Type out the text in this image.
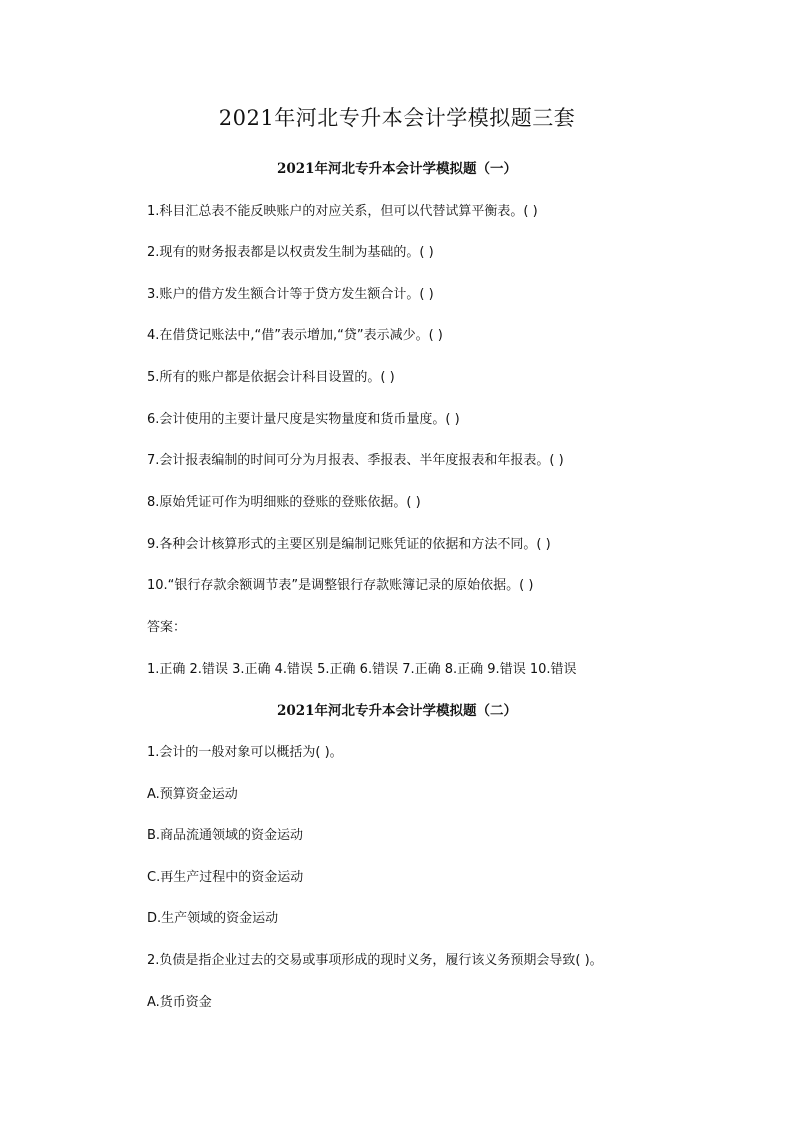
2021年河北专升本会计学模拟题三套
2021年河北专升本会计学模拟题（一）

1.科目汇总表不能反映账户的对应关系，但可以代替试算平衡表。( )

2.现有的财务报表都是以权责发生制为基础的。( )

3.账户的借方发生额合计等于贷方发生额合计。( )

4.在借贷记账法中,“借”表示增加,“贷”表示减少。( )

5.所有的账户都是依据会计科目设置的。( )

6.会计使用的主要计量尺度是实物量度和货币量度。( )

7.会计报表编制的时间可分为月报表、季报表、半年度报表和年报表。( )

8.原始凭证可作为明细账的登账的登账依据。( )

9.各种会计核算形式的主要区别是编制记账凭证的依据和方法不同。( )

10.“银行存款余额调节表”是调整银行存款账簿记录的原始依据。( )

答案：

1.正确 2.错误 3.正确 4.错误 5.正确 6.错误 7.正确 8.正确 9.错误 10.错误

2021年河北专升本会计学模拟题（二）

1.会计的一般对象可以概括为( )。

A.预算资金运动

B.商品流通领域的资金运动

C.再生产过程中的资金运动

D.生产领域的资金运动

2.负债是指企业过去的交易或事项形成的现时义务，履行该义务预期会导致( )。

A.货币资金
